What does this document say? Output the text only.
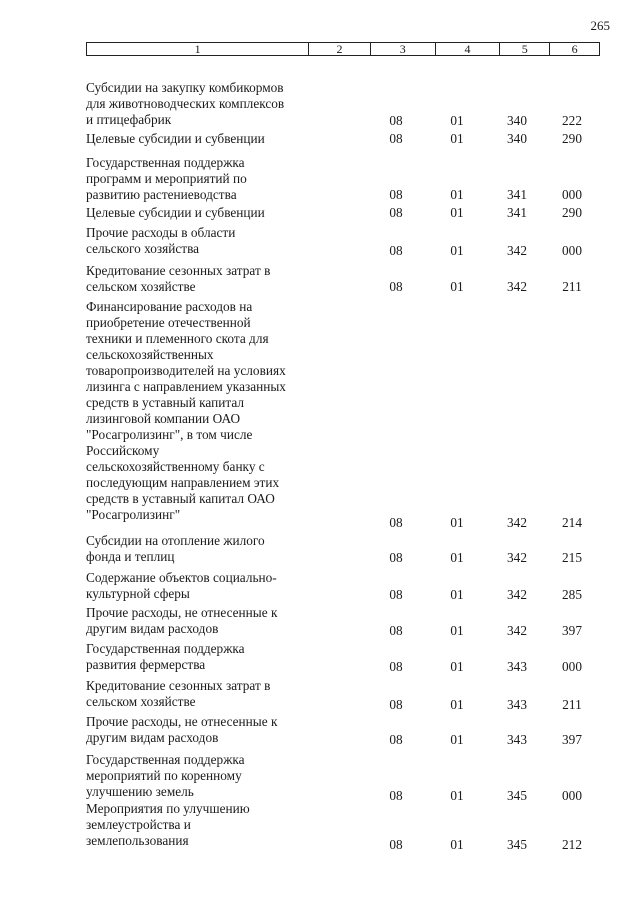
265
1	2	3	4	5	6
Субсидии на закупку комбикормов
для животноводческих комплексов
и птицефабрик	08	01	340	222
Целевые субсидии и субвенции	08	01	340	290
Государственная поддержка
программ и мероприятий по
развитию растениеводства	08	01	341	000
Целевые субсидии и субвенции	08	01	341	290
Прочие расходы в области
сельского хозяйства	08	01	342	000
Кредитование сезонных затрат в
сельском хозяйстве	08	01	342	211
Финансирование расходов на
приобретение отечественной
техники и племенного скота для
сельскохозяйственных
товаропроизводителей на условиях
лизинга с направлением указанных
средств в уставный капитал
лизинговой компании ОАО
"Росагролизинг", в том числе
Российскому
сельскохозяйственному банку с
последующим направлением этих
средств в уставный капитал ОАО
"Росагролизинг"
08	01	342	214
Субсидии на отопление жилого
фонда и теплиц	08	01	342	215
Содержание объектов социально-
культурной сферы	08	01	342	285
Прочие расходы, не отнесенные к
другим видам расходов	08	01	342	397
Государственная поддержка
развития фермерства	08	01	343	000
Кредитование сезонных затрат в
сельском хозяйстве	08	01	343	211
Прочие расходы, не отнесенные к
другим видам расходов	08	01	343	397
Государственная поддержка
мероприятий по коренному
улучшению земель	08	01	345	000
Мероприятия по улучшению
землеустройства и
землепользования	08	01	345	212
